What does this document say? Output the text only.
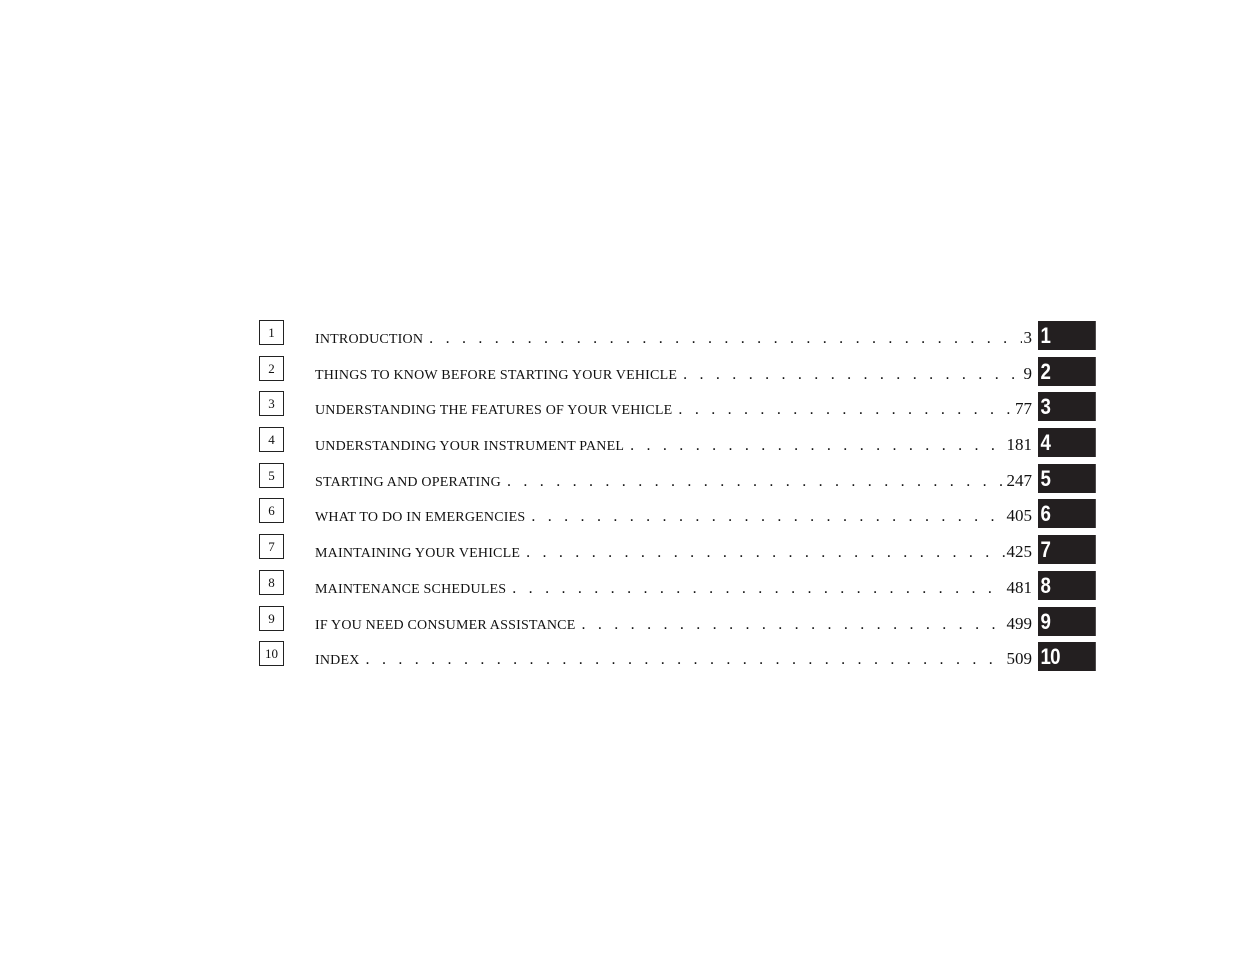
1	INTRODUCTION . . .	3 1
2	THINGS TO KNOW BEFORE STARTING YOUR VEHICLE . . .	9 2
3	UNDERSTANDING THE FEATURES OF YOUR VEHICLE . . .	77 3
4	UNDERSTANDING YOUR INSTRUMENT PANEL . . .	181 4
5	STARTING AND OPERATING . . .	247 5
6	WHAT TO DO IN EMERGENCIES . . .	405 6
7	MAINTAINING YOUR VEHICLE . . .	425 7
8	MAINTENANCE SCHEDULES . . .	481 8
9	IF YOU NEED CONSUMER ASSISTANCE . . .	499 9
10	INDEX . . .	509 10
